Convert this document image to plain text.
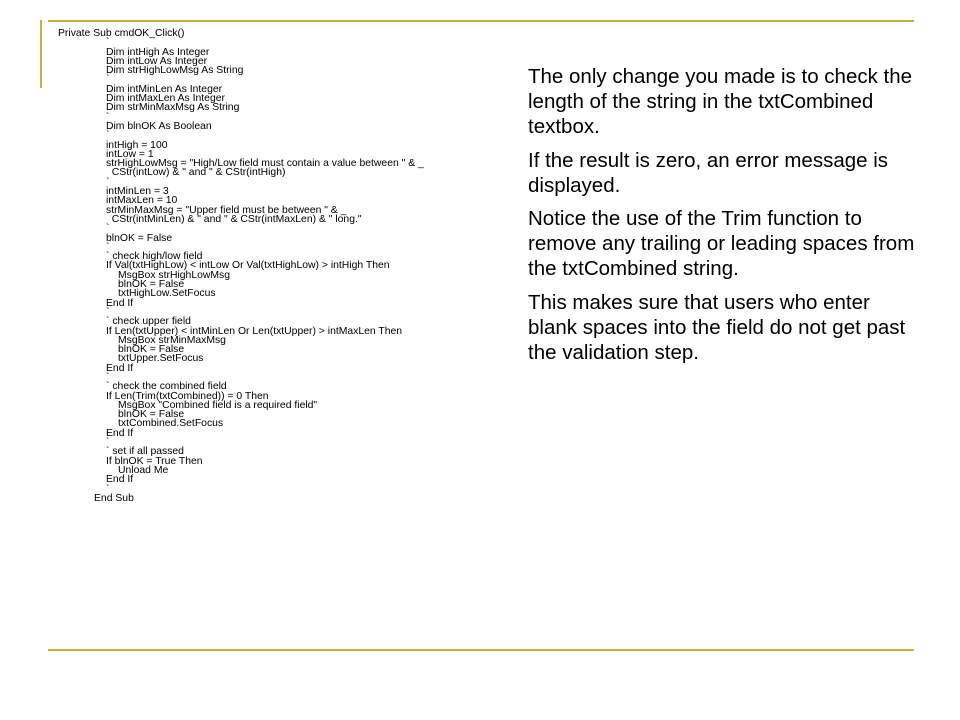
Private Sub cmdOK_Click()
`
Dim intHigh As Integer
Dim intLow As Integer
Dim strHighLowMsg As String
`
Dim intMinLen As Integer
Dim intMaxLen As Integer
Dim strMinMaxMsg As String
`
Dim blnOK As Boolean
`
intHigh = 100
intLow = 1
strHighLowMsg = "High/Low field must contain a value between " & _
CStr(intLow) & " and " & CStr(intHigh)
`
intMinLen = 3
intMaxLen = 10
strMinMaxMsg = "Upper field must be between " & _
CStr(intMinLen) & " and " & CStr(intMaxLen) & " long."
`
blnOK = False
`
` check high/low field
If Val(txtHighLow) < intLow Or Val(txtHighLow) > intHigh Then
MsgBox strHighLowMsg
blnOK = False
txtHighLow.SetFocus
End If
`
` check upper field
If Len(txtUpper) < intMinLen Or Len(txtUpper) > intMaxLen Then
MsgBox strMinMaxMsg
blnOK = False
txtUpper.SetFocus
End If
`
` check the combined field
If Len(Trim(txtCombined)) = 0 Then
MsgBox "Combined field is a required field"
blnOK = False
txtCombined.SetFocus
End If
`
` set if all passed
If blnOK = True Then
Unload Me
End If
`
End Sub
The only change you made is to check the length of the string in the txtCombined textbox.
If the result is zero, an error message is displayed.
Notice the use of the Trim function to remove any trailing or leading spaces from the txtCombined string.
This makes sure that users who enter blank spaces into the field do not get past the validation step.
